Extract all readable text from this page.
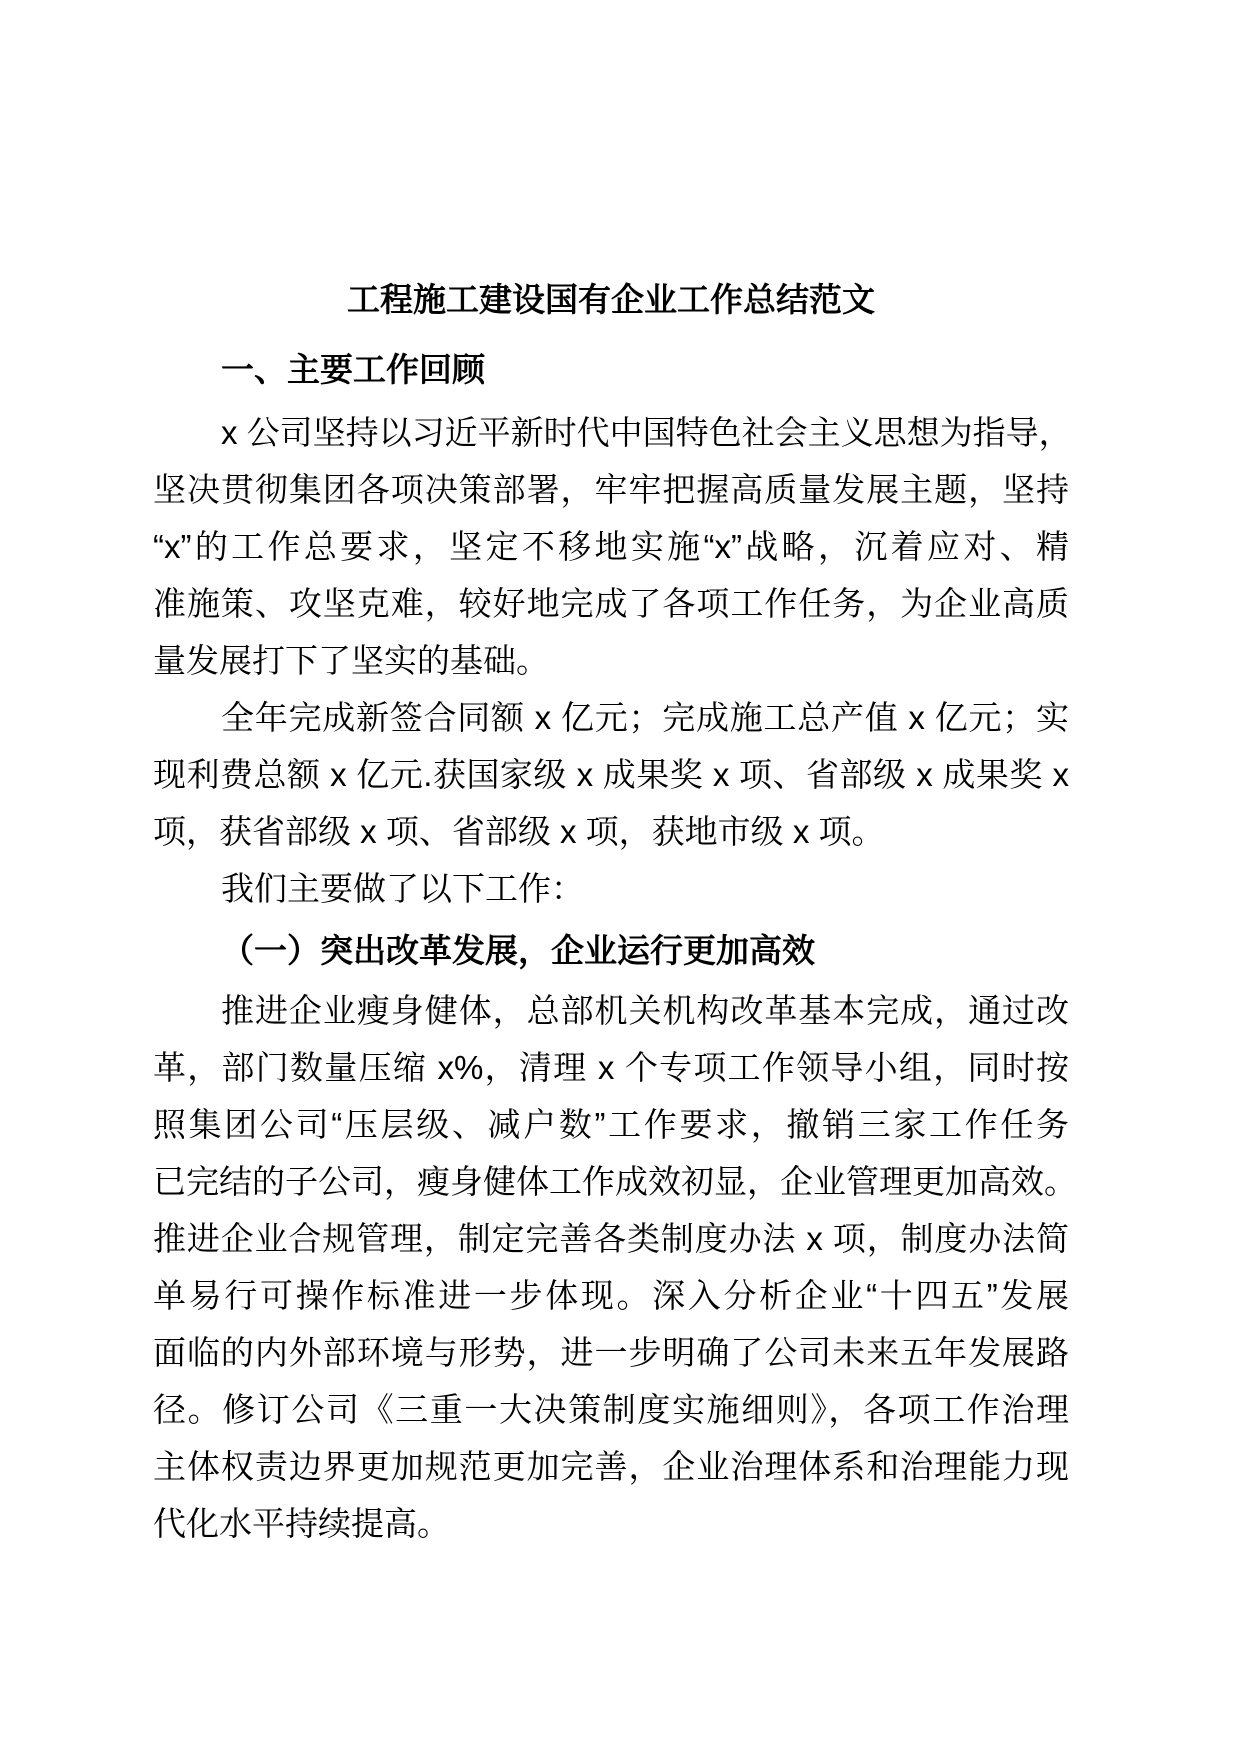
工程施工建设国有企业工作总结范文
一、主要工作回顾
x 公司坚持以习近平新时代中国特色社会主义思想为指导，
坚决贯彻集团各项决策部署，牢牢把握高质量发展主题，坚持
“x”的工作总要求，坚定不移地实施“x”战略，沉着应对、精
准施策、攻坚克难，较好地完成了各项工作任务，为企业高质
量发展打下了坚实的基础。
全年完成新签合同额 x 亿元；完成施工总产值 x 亿元；实
现利费总额 x 亿元.获国家级 x 成果奖 x 项、省部级 x 成果奖 x
项，获省部级 x 项、省部级 x 项，获地市级 x 项。
我们主要做了以下工作：
（一）突出改革发展，企业运行更加高效
推进企业瘦身健体，总部机关机构改革基本完成，通过改
革，部门数量压缩 x%，清理 x 个专项工作领导小组，同时按
照集团公司“压层级、减户数”工作要求，撤销三家工作任务
已完结的子公司，瘦身健体工作成效初显，企业管理更加高效。
推进企业合规管理，制定完善各类制度办法 x 项，制度办法简
单易行可操作标准进一步体现。深入分析企业“十四五”发展
面临的内外部环境与形势，进一步明确了公司未来五年发展路
径。修订公司《三重一大决策制度实施细则》，各项工作治理
主体权责边界更加规范更加完善，企业治理体系和治理能力现
代化水平持续提高。
